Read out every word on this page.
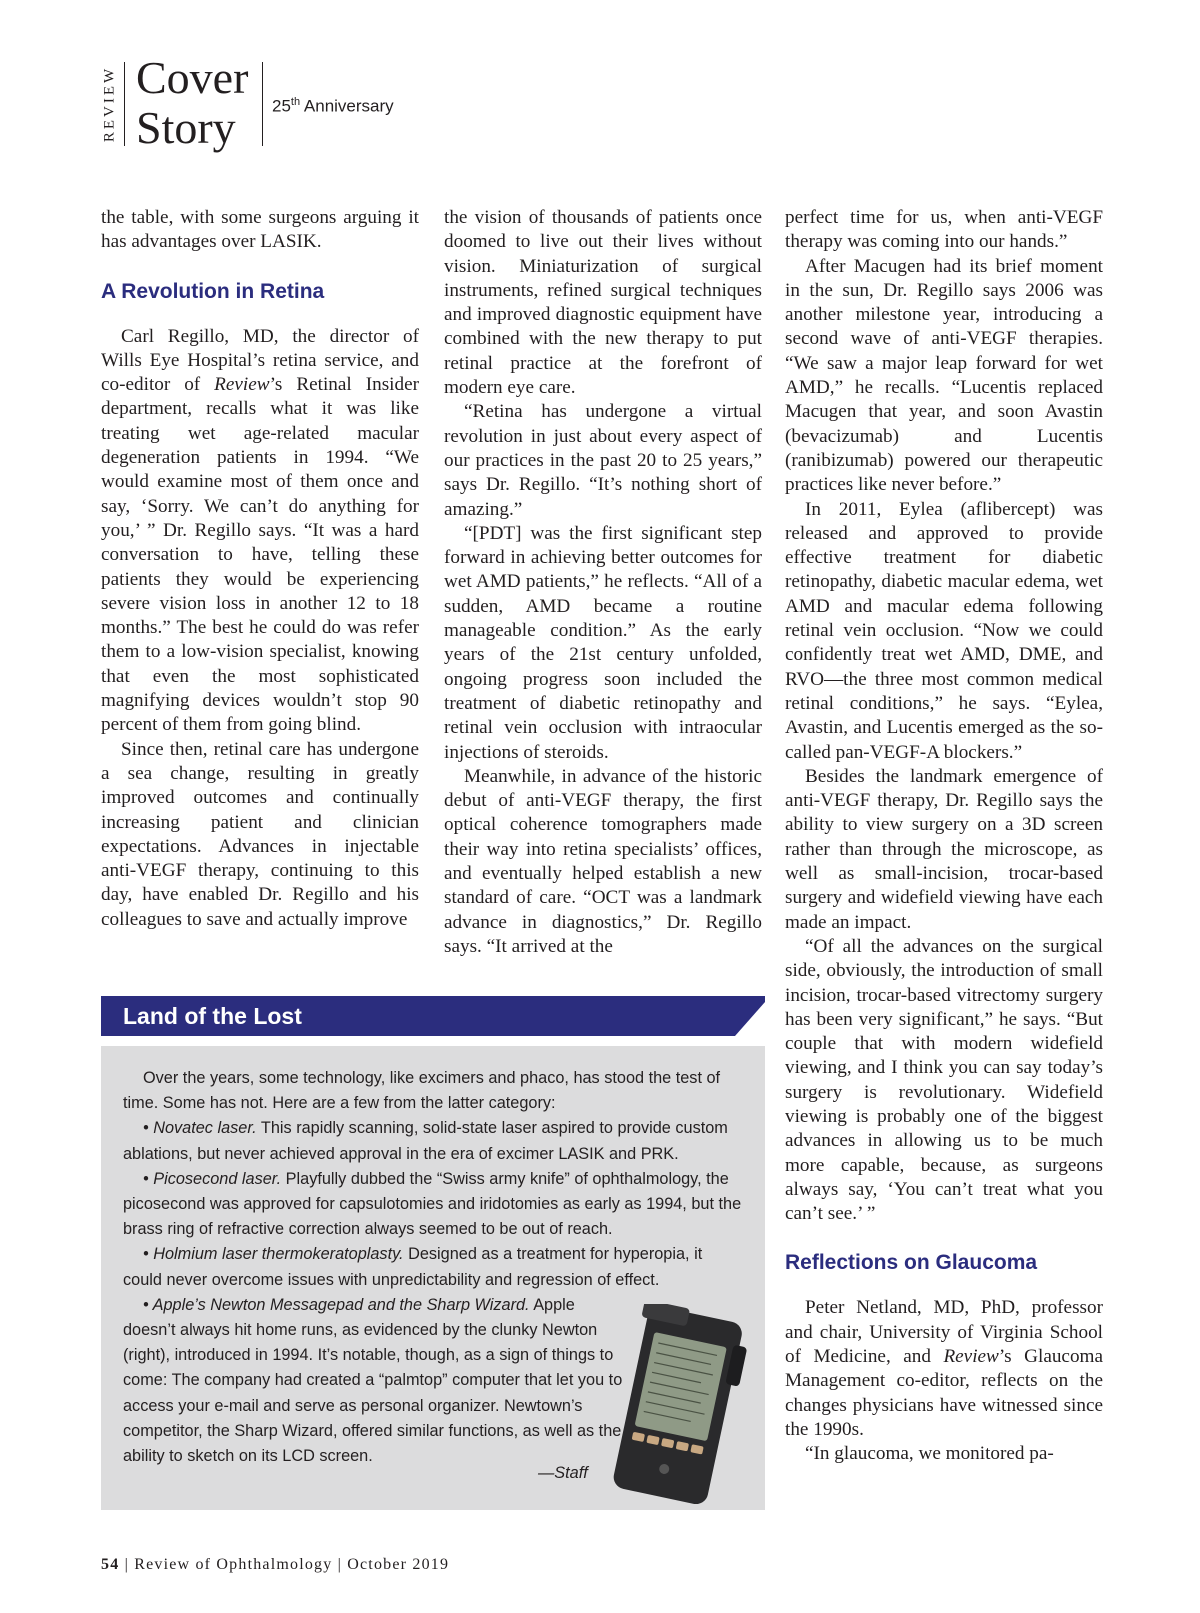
REVIEW Cover
Story 25th Anniversary

the table, with some surgeons arguing it has advantages over LASIK.

A Revolution in Retina

Carl Regillo, MD, the director of Wills Eye Hospital’s retina service, and co-editor of Review’s Retinal Insider department, recalls what it was like treating wet age-related macular degeneration patients in 1994. “We would examine most of them once and say, ‘Sorry. We can’t do anything for you,’ ” Dr. Regillo says. “It was a hard conversation to have, telling these patients they would be experiencing severe vision loss in another 12 to 18 months.” The best he could do was refer them to a low-vision specialist, knowing that even the most sophisticated magnifying devices wouldn’t stop 90 percent of them from going blind.

Since then, retinal care has undergone a sea change, resulting in greatly improved outcomes and continually increasing patient and clinician expectations. Advances in injectable anti-VEGF therapy, continuing to this day, have enabled Dr. Regillo and his colleagues to save and actually improve

the vision of thousands of patients once doomed to live out their lives without vision. Miniaturization of surgical instruments, refined surgical techniques and improved diagnostic equipment have combined with the new therapy to put retinal practice at the forefront of modern eye care.

“Retina has undergone a virtual revolution in just about every aspect of our practices in the past 20 to 25 years,” says Dr. Regillo. “It’s nothing short of amazing.”

“[PDT] was the first significant step forward in achieving better outcomes for wet AMD patients,” he reflects. “All of a sudden, AMD became a routine manageable condition.” As the early years of the 21st century unfolded, ongoing progress soon included the treatment of diabetic retinopathy and retinal vein occlusion with intraocular injections of steroids.

Meanwhile, in advance of the historic debut of anti-VEGF therapy, the first optical coherence tomographers made their way into retina specialists’ offices, and eventually helped establish a new standard of care. “OCT was a landmark advance in diagnostics,” Dr. Regillo says. “It arrived at the

perfect time for us, when anti-VEGF therapy was coming into our hands.”

After Macugen had its brief moment in the sun, Dr. Regillo says 2006 was another milestone year, introducing a second wave of anti-VEGF therapies. “We saw a major leap forward for wet AMD,” he recalls. “Lucentis replaced Macugen that year, and soon Avastin (bevacizumab) and Lucentis (ranibizumab) powered our therapeutic practices like never before.”

In 2011, Eylea (aflibercept) was released and approved to provide effective treatment for diabetic retinopathy, diabetic macular edema, wet AMD and macular edema following retinal vein occlusion. “Now we could confidently treat wet AMD, DME, and RVO—the three most common medical retinal conditions,” he says. “Eylea, Avastin, and Lucentis emerged as the so-called pan-VEGF-A blockers.”

Besides the landmark emergence of anti-VEGF therapy, Dr. Regillo says the ability to view surgery on a 3D screen rather than through the microscope, as well as small-incision, trocar-based surgery and widefield viewing have each made an impact.

“Of all the advances on the surgical side, obviously, the introduction of small incision, trocar-based vitrectomy surgery has been very significant,” he says. “But couple that with modern widefield viewing, and I think you can say today’s surgery is revolutionary. Widefield viewing is probably one of the biggest advances in allowing us to be much more capable, because, as surgeons always say, ‘You can’t treat what you can’t see.’ ”

Reflections on Glaucoma

Peter Netland, MD, PhD, professor and chair, University of Virginia School of Medicine, and Review’s Glaucoma Management co-editor, reflects on the changes physicians have witnessed since the 1990s.

“In glaucoma, we monitored pa-

Land of the Lost

Over the years, some technology, like excimers and phaco, has stood the test of time. Some has not. Here are a few from the latter category:

• Novatec laser. This rapidly scanning, solid-state laser aspired to provide custom ablations, but never achieved approval in the era of excimer LASIK and PRK.

• Picosecond laser. Playfully dubbed the “Swiss army knife” of ophthalmology, the picosecond was approved for capsulotomies and iridotomies as early as 1994, but the brass ring of refractive correction always seemed to be out of reach.

• Holmium laser thermokeratoplasty. Designed as a treatment for hyperopia, it could never overcome issues with unpredictability and regression of effect.

• Apple’s Newton Messagepad and the Sharp Wizard. Apple doesn’t always hit home runs, as evidenced by the clunky Newton (right), introduced in 1994. It’s notable, though, as a sign of things to come: The company had created a “palmtop” computer that let you to access your e-mail and serve as personal organizer. Newtown’s competitor, the Sharp Wizard, offered similar functions, as well as the ability to sketch on its LCD screen.

—Staff
54 | Review of Ophthalmology | October 2019
